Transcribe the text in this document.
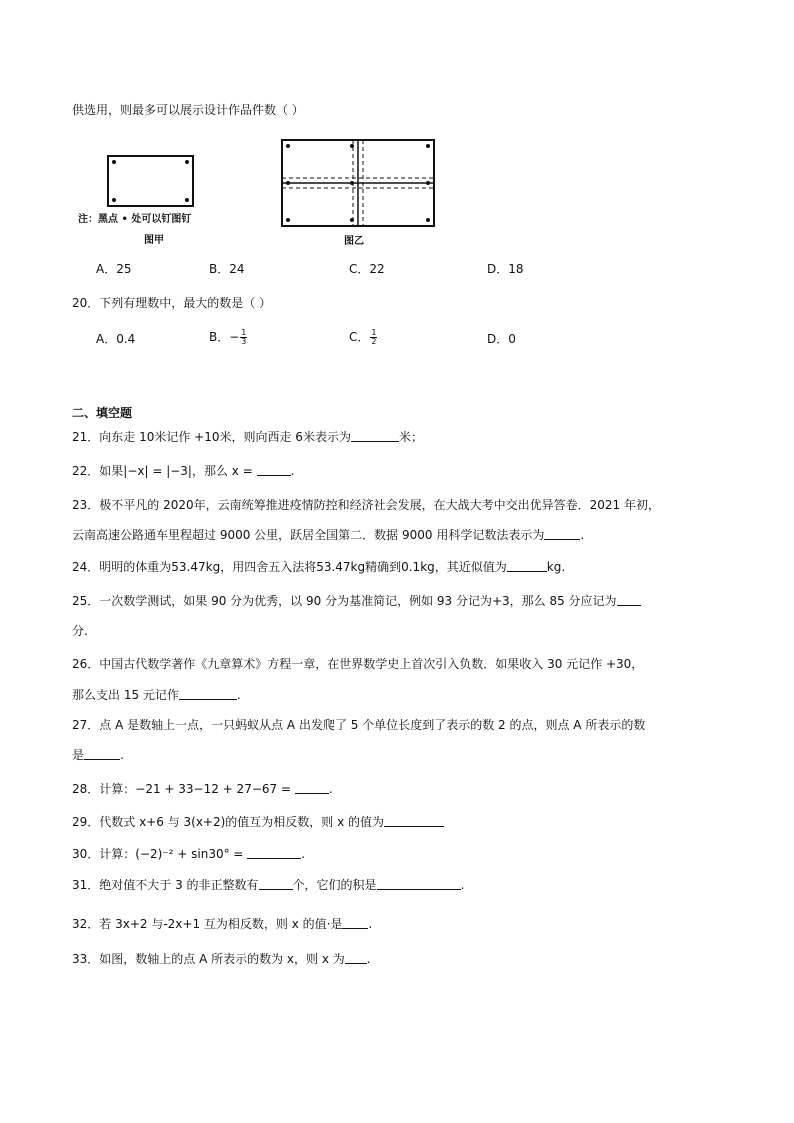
供选用，则最多可以展示设计作品件数（ ）
注：黑点 • 处可以钉图钉
图甲	图乙
A．25	B．24	C．22	D．18
20．下列有理数中，最大的数是（ ）
A．0.4	B．− $\frac{1}{3}$	C． $\frac{1}{2}$	D．0
二、填空题
21．向东走 10米记作 +10米，则向西走 6米表示为	米；
22．如果|−x| = |−3|，那么 x =	.
23．极不平凡的 2020年，云南统筹推进疫情防控和经济社会发展，在大战大考中交出优异答卷．2021 年初，
云南高速公路通车里程超过 9000 公里，跃居全国第二．数据 9000 用科学记数法表示为	.
24．明明的体重为53.47kg，用四舍五入法将53.47kg精确到0.1kg，其近似值为	kg.
25．一次数学测试，如果 90 分为优秀，以 90 分为基准简记，例如 93 分记为+3，那么 85 分应记为
分.
26．中国古代数学著作《九章算术》方程一章，在世界数学史上首次引入负数．如果收入 30 元记作 +30，
那么支出 15 元记作	.
27．点 A 是数轴上一点，一只蚂蚁从点 A 出发爬了 5 个单位长度到了表示的数 2 的点，则点 A 所表示的数
是	.
28．计算：−21 + 33−12 + 27−67 =	.
29．代数式 x+6 与 3(x+2)的值互为相反数，则 x 的值为
30．计算：(−2)⁻² + sin30° =	.
31．绝对值不大于 3 的非正整数有	个，它们的积是	.
32．若 3x+2 与-2x+1 互为相反数，则 x 的值·是 .
33．如图，数轴上的点 A 所表示的数为 x，则 x 为 .
